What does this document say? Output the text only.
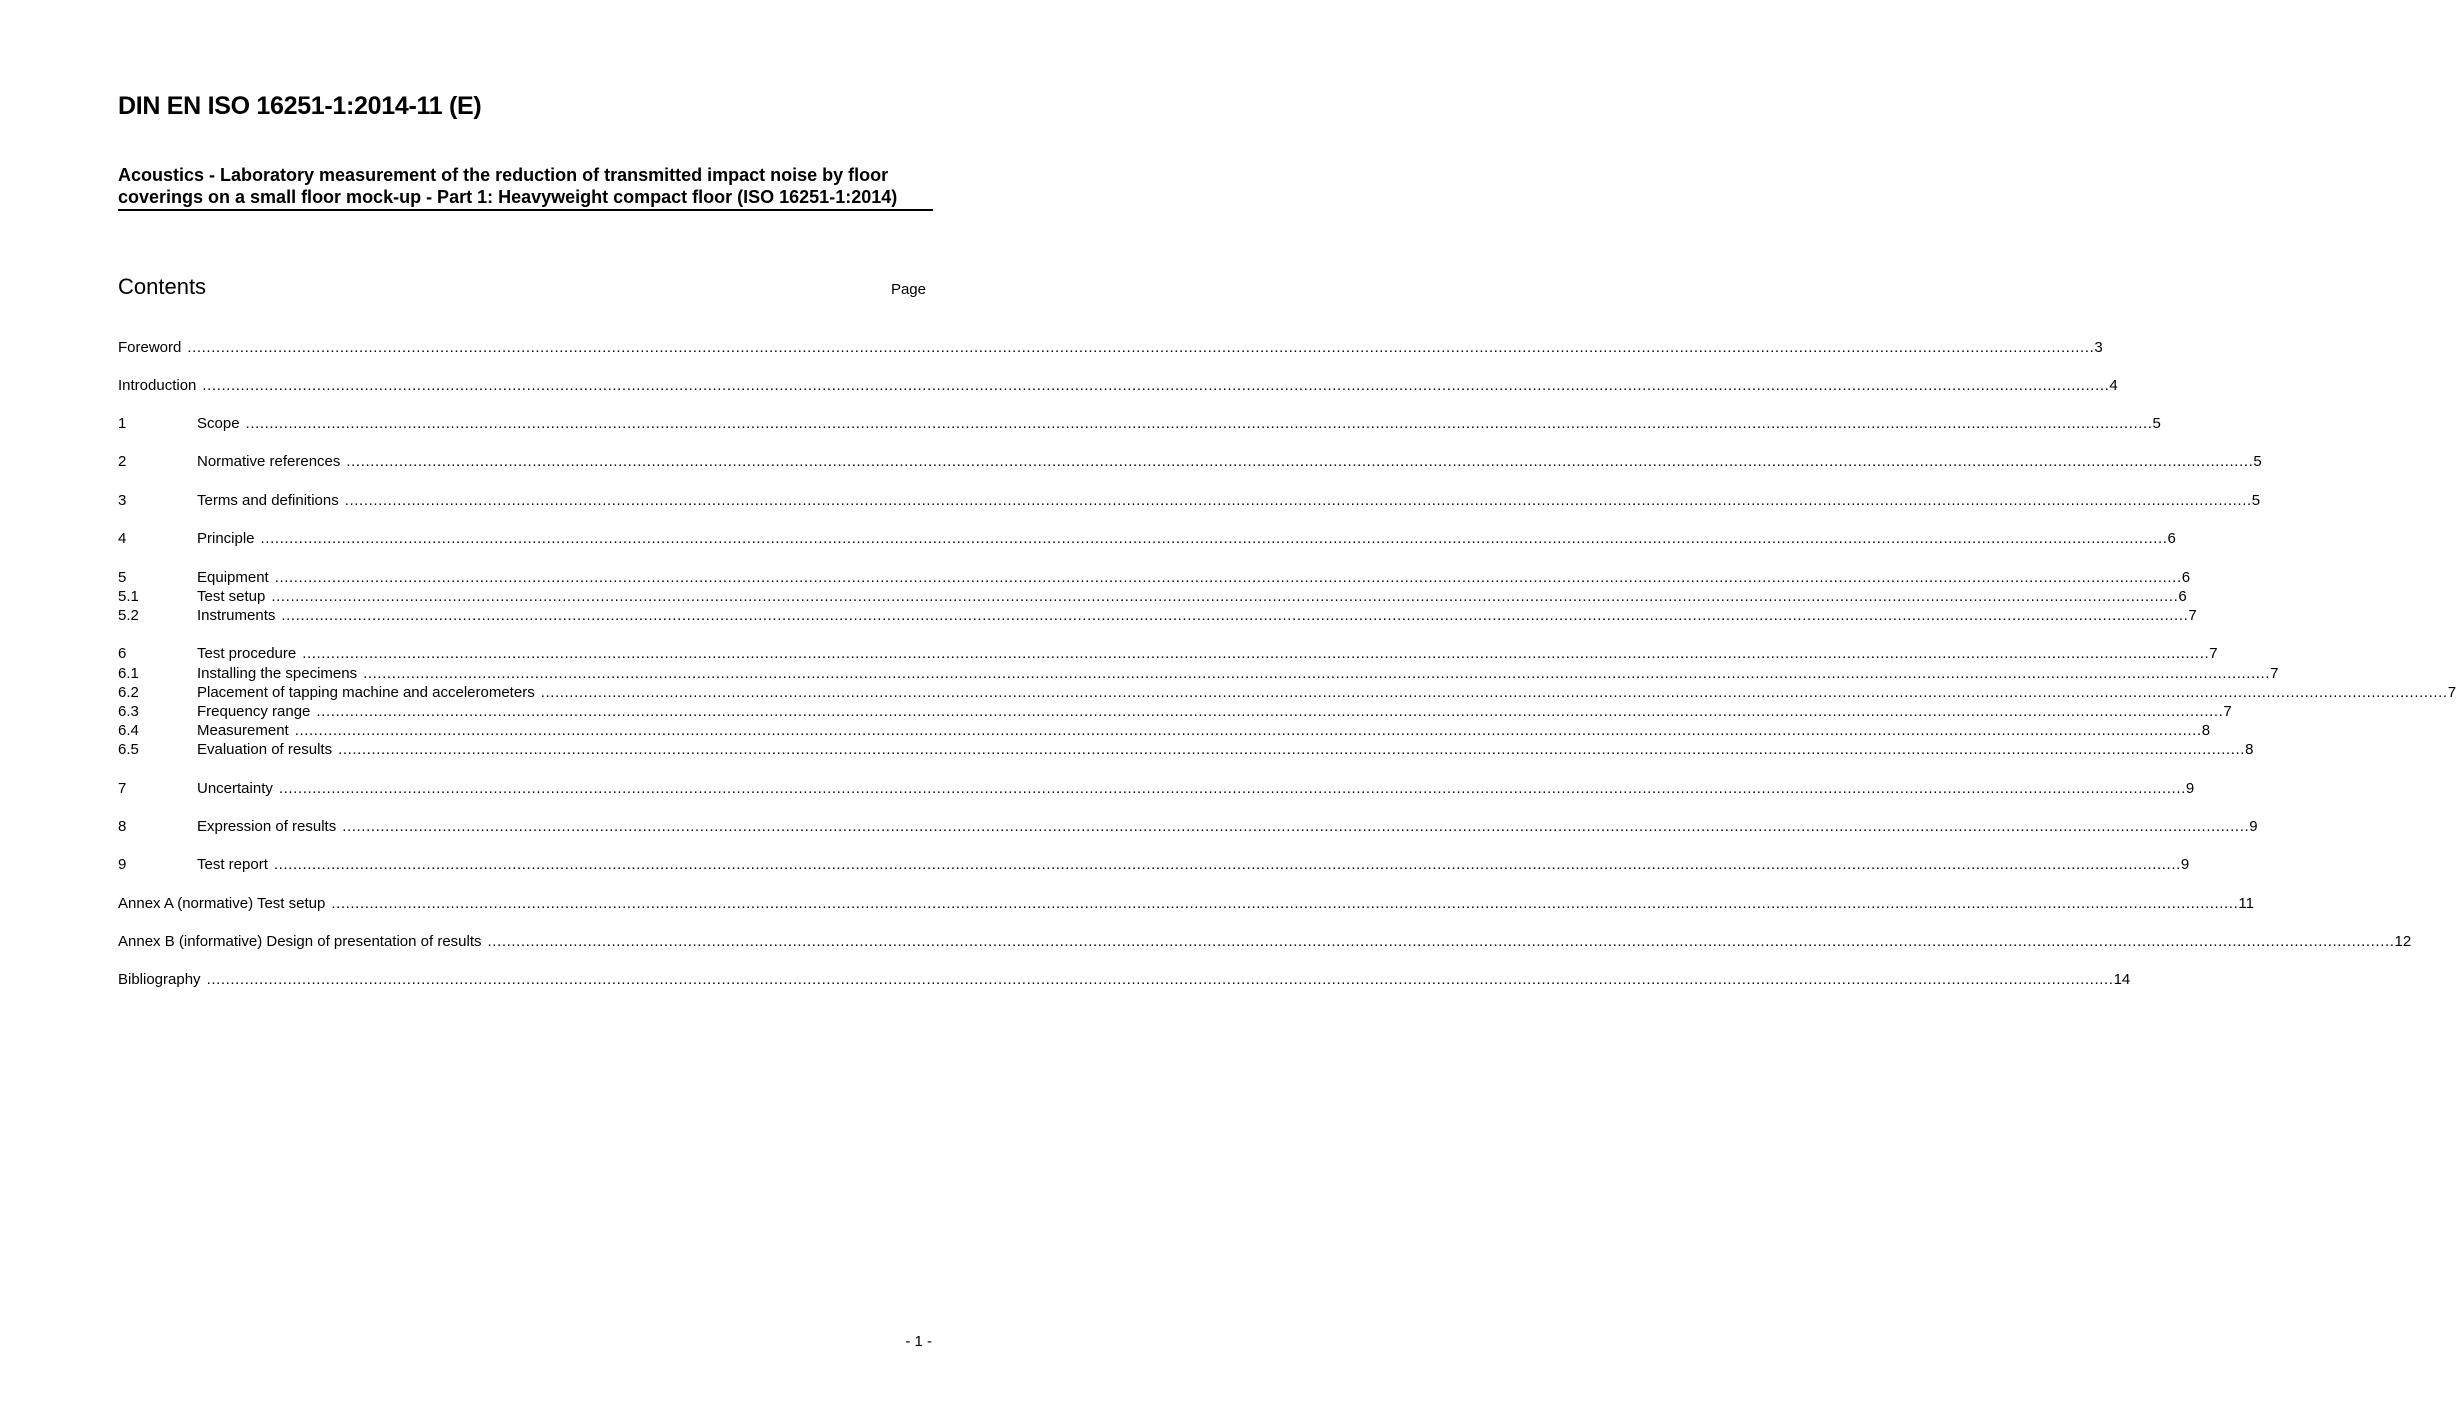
DIN EN ISO 16251-1:2014-11 (E)
Acoustics - Laboratory measurement of the reduction of transmitted impact noise by floor coverings on a small floor mock-up - Part 1: Heavyweight compact floor (ISO 16251-1:2014)
Contents	Page
Foreword ................................................................................................................................................................................................................................................................................................................................................................................................................ 3
Introduction ................................................................................................................................................................................................................................................................................................................................................................................................................ 4
1	Scope ................................................................................................................................................................................................................................................................................................................................................................................................................ 5
2	Normative references ................................................................................................................................................................................................................................................................................................................................................................................................................ 5
3	Terms and definitions ................................................................................................................................................................................................................................................................................................................................................................................................................ 5
4	Principle ................................................................................................................................................................................................................................................................................................................................................................................................................ 6
5	Equipment ................................................................................................................................................................................................................................................................................................................................................................................................................ 6
5.1	Test setup ................................................................................................................................................................................................................................................................................................................................................................................................................ 6
5.2	Instruments ................................................................................................................................................................................................................................................................................................................................................................................................................ 7
6	Test procedure ................................................................................................................................................................................................................................................................................................................................................................................................................ 7
6.1	Installing the specimens ................................................................................................................................................................................................................................................................................................................................................................................................................ 7
6.2	Placement of tapping machine and accelerometers ................................................................................................................................................................................................................................................................................................................................................................................................................ 7
6.3	Frequency range ................................................................................................................................................................................................................................................................................................................................................................................................................ 7
6.4	Measurement ................................................................................................................................................................................................................................................................................................................................................................................................................ 8
6.5	Evaluation of results ................................................................................................................................................................................................................................................................................................................................................................................................................ 8
7	Uncertainty ................................................................................................................................................................................................................................................................................................................................................................................................................ 9
8	Expression of results ................................................................................................................................................................................................................................................................................................................................................................................................................ 9
9	Test report ................................................................................................................................................................................................................................................................................................................................................................................................................ 9
Annex A (normative) Test setup ................................................................................................................................................................................................................................................................................................................................................................................................................ 11
Annex B (informative) Design of presentation of results ................................................................................................................................................................................................................................................................................................................................................................................................................ 12
Bibliography ................................................................................................................................................................................................................................................................................................................................................................................................................ 14
- 1 -
